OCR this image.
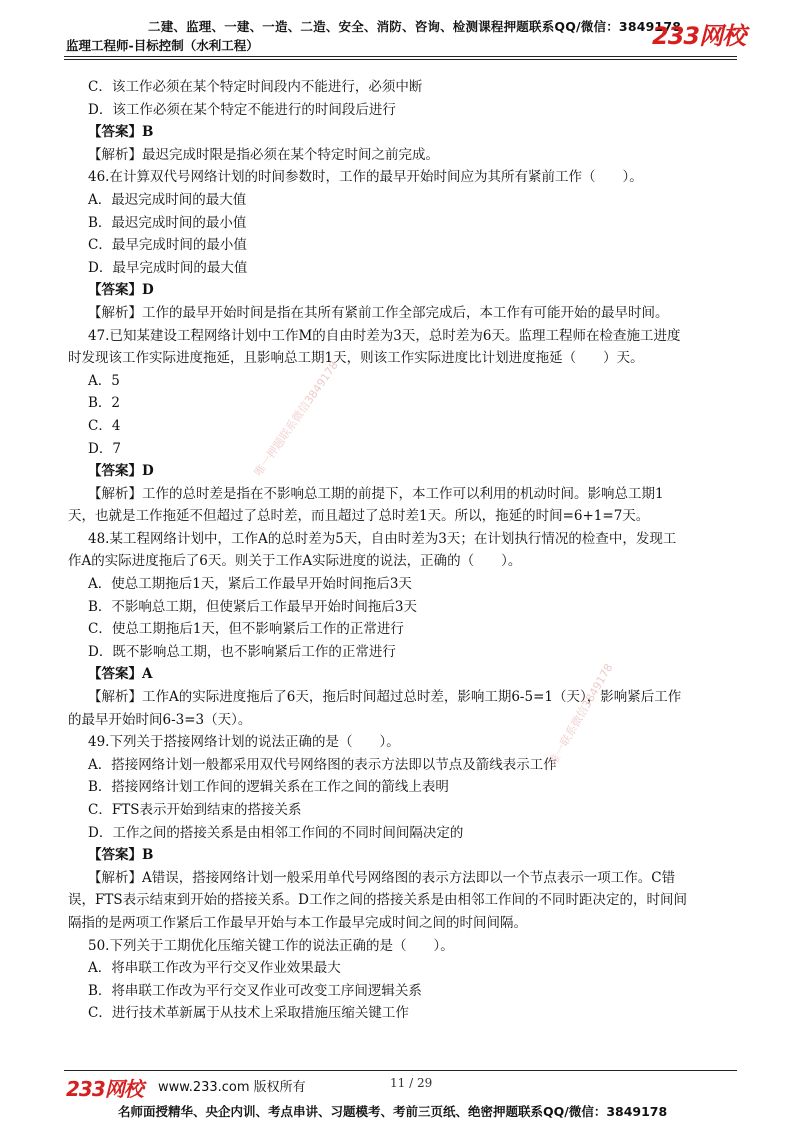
二建、监理、一建、一造、二造、安全、消防、咨询、检测课程押题联系QQ/微信：3849178
监理工程师-目标控制（水利工程）	233网校
C．该工作必须在某个特定时间段内不能进行，必须中断
D．该工作必须在某个特定不能进行的时间段后进行
【答案】B
【解析】最迟完成时限是指必须在某个特定时间之前完成。
46.在计算双代号网络计划的时间参数时，工作的最早开始时间应为其所有紧前工作（　　）。
A．最迟完成时间的最大值
B．最迟完成时间的最小值
C．最早完成时间的最小值
D．最早完成时间的最大值
【答案】D
【解析】工作的最早开始时间是指在其所有紧前工作全部完成后，本工作有可能开始的最早时间。
47.已知某建设工程网络计划中工作M的自由时差为3天，总时差为6天。监理工程师在检查施工进度
时发现该工作实际进度拖延，且影响总工期1天，则该工作实际进度比计划进度拖延（　　）天。
A．5
B．2
C．4
D．7
【答案】D
【解析】工作的总时差是指在不影响总工期的前提下，本工作可以利用的机动时间。影响总工期1
天，也就是工作拖延不但超过了总时差，而且超过了总时差1天。所以，拖延的时间=6+1=7天。
48.某工程网络计划中，工作A的总时差为5天，自由时差为3天；在计划执行情况的检查中，发现工
作A的实际进度拖后了6天。则关于工作A实际进度的说法，正确的（　　）。
A．使总工期拖后1天，紧后工作最早开始时间拖后3天
B．不影响总工期，但使紧后工作最早开始时间拖后3天
C．使总工期拖后1天，但不影响紧后工作的正常进行
D．既不影响总工期，也不影响紧后工作的正常进行
【答案】A
【解析】工作A的实际进度拖后了6天，拖后时间超过总时差，影响工期6-5=1（天），影响紧后工作
的最早开始时间6-3=3（天）。
49.下列关于搭接网络计划的说法正确的是（　　）。
A．搭接网络计划一般都采用双代号网络图的表示方法即以节点及箭线表示工作
B．搭接网络计划工作间的逻辑关系在工作之间的箭线上表明
C．FTS表示开始到结束的搭接关系
D．工作之间的搭接关系是由相邻工作间的不同时间间隔决定的
【答案】B
【解析】A错误，搭接网络计划一般采用单代号网络图的表示方法即以一个节点表示一项工作。C错
误，FTS表示结束到开始的搭接关系。D工作之间的搭接关系是由相邻工作间的不同时距决定的，时间间
隔指的是两项工作紧后工作最早开始与本工作最早完成时间之间的时间间隔。
50.下列关于工期优化压缩关键工作的说法正确的是（　　）。
A．将串联工作改为平行交叉作业效果最大
B．将串联工作改为平行交叉作业可改变工序间逻辑关系
C．进行技术革新属于从技术上采取措施压缩关键工作
唯一押题联系微信3849178
唯一联系微信3849178
233网校 www.233.com 版权所有	11 / 29
名师面授精华、央企内训、考点串讲、习题模考、考前三页纸、绝密押题联系QQ/微信：3849178
